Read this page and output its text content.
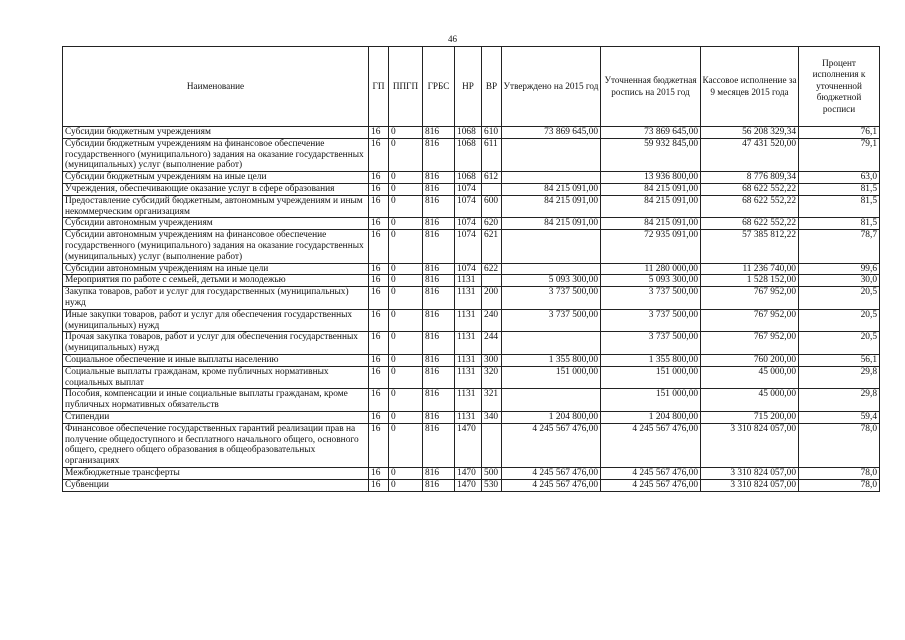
46
Наименование	ГП	ППГП	ГРБС	НР	ВР	Утверждено на 2015 год	Уточненная бюджетная роспись на 2015 год	Кассовое исполнение за 9 месяцев 2015 года	Процент исполнения к уточненной бюджетной росписи
Субсидии бюджетным учреждениям	16	0	816	1068	610	73 869 645,00	73 869 645,00	56 208 329,34	76,1
Субсидии бюджетным учреждениям на финансовое обеспечение государственного (муниципального) задания на оказание государственных (муниципальных) услуг (выполнение работ)	16	0	816	1068	611		59 932 845,00	47 431 520,00	79,1
Субсидии бюджетным учреждениям на иные цели	16	0	816	1068	612		13 936 800,00	8 776 809,34	63,0
Учреждения, обеспечивающие оказание услуг в сфере образования	16	0	816	1074		84 215 091,00	84 215 091,00	68 622 552,22	81,5
Предоставление субсидий бюджетным, автономным учреждениям и иным некоммерческим организациям	16	0	816	1074	600	84 215 091,00	84 215 091,00	68 622 552,22	81,5
Субсидии автономным учреждениям	16	0	816	1074	620	84 215 091,00	84 215 091,00	68 622 552,22	81,5
Субсидии автономным учреждениям на финансовое обеспечение государственного (муниципального) задания на оказание государственных (муниципальных) услуг (выполнение работ)	16	0	816	1074	621		72 935 091,00	57 385 812,22	78,7
Субсидии автономным учреждениям на иные цели	16	0	816	1074	622		11 280 000,00	11 236 740,00	99,6
Мероприятия по работе с семьей, детьми и молодежью	16	0	816	1131		5 093 300,00	5 093 300,00	1 528 152,00	30,0
Закупка товаров, работ и услуг для государственных (муниципальных) нужд	16	0	816	1131	200	3 737 500,00	3 737 500,00	767 952,00	20,5
Иные закупки товаров, работ и услуг для обеспечения государственных (муниципальных) нужд	16	0	816	1131	240	3 737 500,00	3 737 500,00	767 952,00	20,5
Прочая закупка товаров, работ и услуг для обеспечения государственных (муниципальных) нужд	16	0	816	1131	244		3 737 500,00	767 952,00	20,5
Социальное обеспечение и иные выплаты населению	16	0	816	1131	300	1 355 800,00	1 355 800,00	760 200,00	56,1
Социальные выплаты гражданам, кроме публичных нормативных социальных выплат	16	0	816	1131	320	151 000,00	151 000,00	45 000,00	29,8
Пособия, компенсации и иные социальные выплаты гражданам, кроме публичных нормативных обязательств	16	0	816	1131	321		151 000,00	45 000,00	29,8
Стипендии	16	0	816	1131	340	1 204 800,00	1 204 800,00	715 200,00	59,4
Финансовое обеспечение государственных гарантий реализации прав на получение общедоступного и бесплатного начального общего, основного общего, среднего общего образования в общеобразовательных организациях	16	0	816	1470		4 245 567 476,00	4 245 567 476,00	3 310 824 057,00	78,0
Межбюджетные трансферты	16	0	816	1470	500	4 245 567 476,00	4 245 567 476,00	3 310 824 057,00	78,0
Субвенции	16	0	816	1470	530	4 245 567 476,00	4 245 567 476,00	3 310 824 057,00	78,0
